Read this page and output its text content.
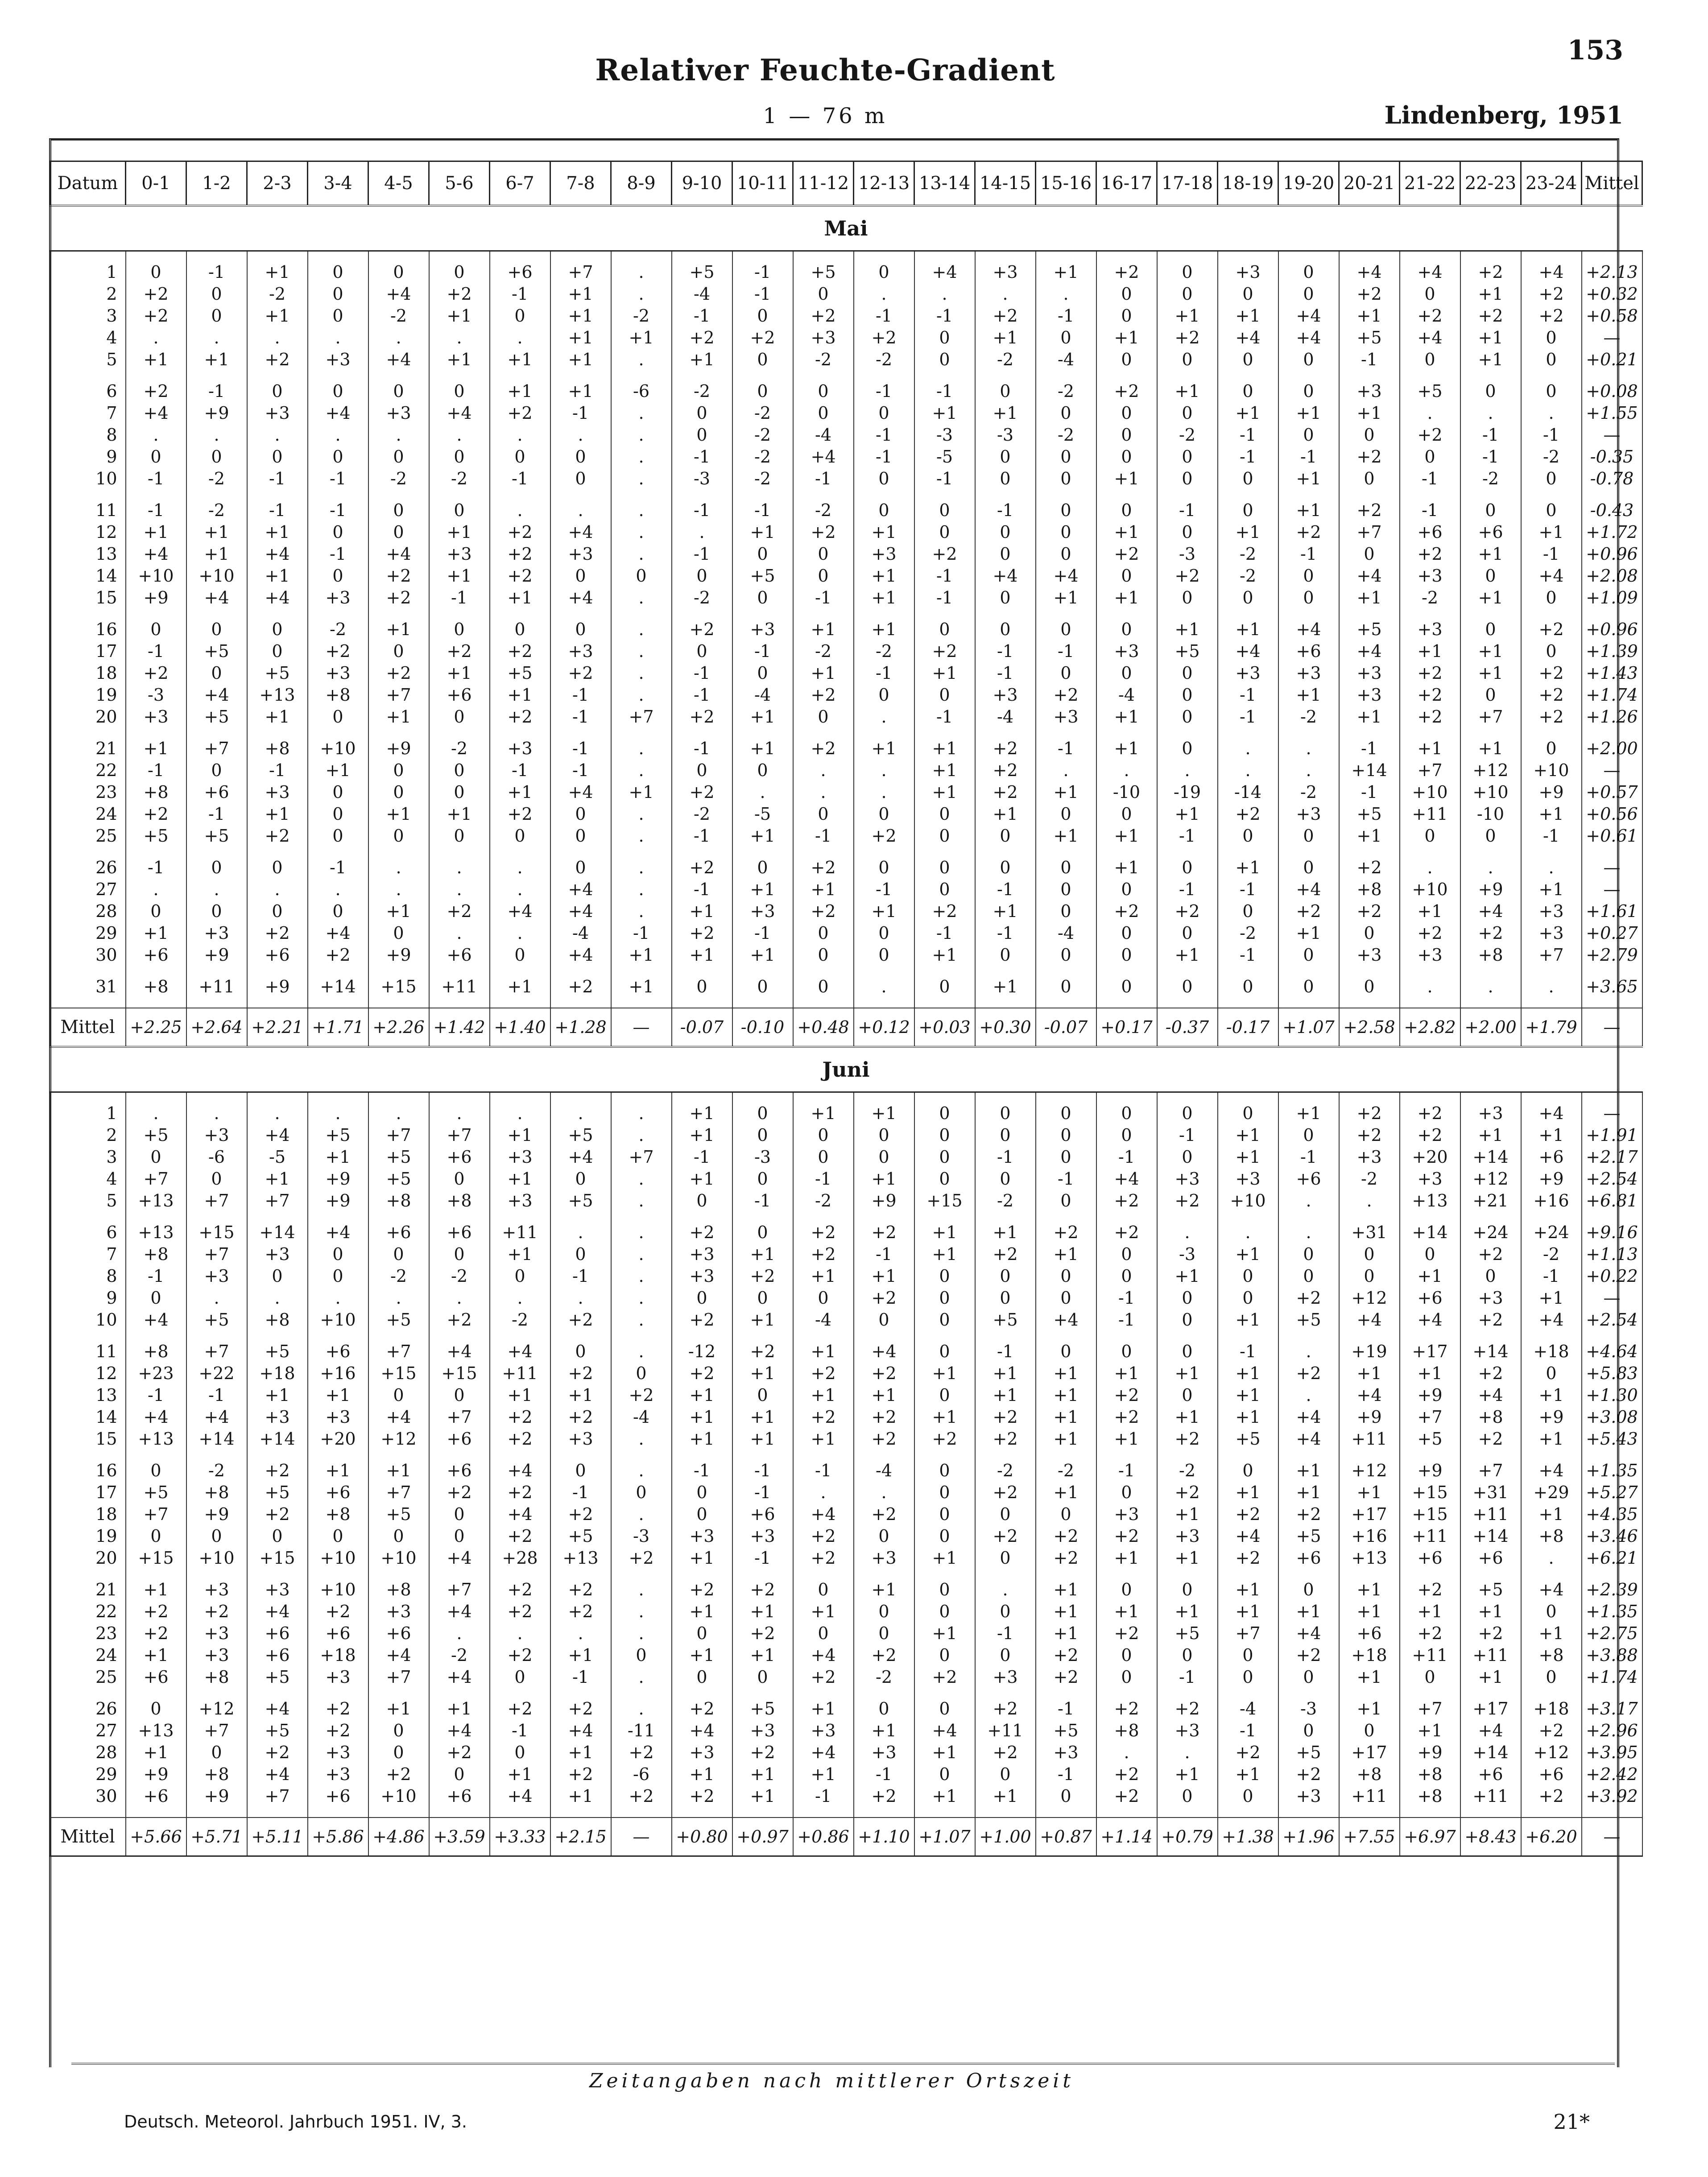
153
Relativer Feuchte-Gradient
1 — 76 m	Lindenberg, 1951
Datum	0-1	1-2	2-3	3-4	4-5	5-6	6-7	7-8	8-9	9-10	10-11	11-12	12-13	13-14	14-15	15-16	16-17	17-18	18-19	19-20	20-21	21-22	22-23	23-24	Mittel
Mai																									

1	0	-1	+1	0	0	0	+6	+7	.	+5	-1	+5	0	+4	+3	+1	+2	0	+3	0	+4	+4	+2	+4	+2.13
2	+2	0	-2	0	+4	+2	-1	+1	.	-4	-1	0	.	.	.	.	0	0	0	0	+2	0	+1	+2	+0.32
3	+2	0	+1	0	-2	+1	0	+1	-2	-1	0	+2	-1	-1	+2	-1	0	+1	+1	+4	+1	+2	+2	+2	+0.58
4	.	.	.	.	.	.	.	+1	+1	+2	+2	+3	+2	0	+1	0	+1	+2	+4	+4	+5	+4	+1	0	—
5	+1	+1	+2	+3	+4	+1	+1	+1	.	+1	0	-2	-2	0	-2	-4	0	0	0	0	-1	0	+1	0	+0.21

6	+2	-1	0	0	0	0	+1	+1	-6	-2	0	0	-1	-1	0	-2	+2	+1	0	0	+3	+5	0	0	+0.08
7	+4	+9	+3	+4	+3	+4	+2	-1	.	0	-2	0	0	+1	+1	0	0	0	+1	+1	+1	.	.	.	+1.55
8	.	.	.	.	.	.	.	.	.	0	-2	-4	-1	-3	-3	-2	0	-2	-1	0	0	+2	-1	-1	—
9	0	0	0	0	0	0	0	0	.	-1	-2	+4	-1	-5	0	0	0	0	-1	-1	+2	0	-1	-2	-0.35
10	-1	-2	-1	-1	-2	-2	-1	0	.	-3	-2	-1	0	-1	0	0	+1	0	0	+1	0	-1	-2	0	-0.78

11	-1	-2	-1	-1	0	0	.	.	.	-1	-1	-2	0	0	-1	0	0	-1	0	+1	+2	-1	0	0	-0.43
12	+1	+1	+1	0	0	+1	+2	+4	.	.	+1	+2	+1	0	0	0	+1	0	+1	+2	+7	+6	+6	+1	+1.72
13	+4	+1	+4	-1	+4	+3	+2	+3	.	-1	0	0	+3	+2	0	0	+2	-3	-2	-1	0	+2	+1	-1	+0.96
14	+10	+10	+1	0	+2	+1	+2	0	0	0	+5	0	+1	-1	+4	+4	0	+2	-2	0	+4	+3	0	+4	+2.08
15	+9	+4	+4	+3	+2	-1	+1	+4	.	-2	0	-1	+1	-1	0	+1	+1	0	0	0	+1	-2	+1	0	+1.09

16	0	0	0	-2	+1	0	0	0	.	+2	+3	+1	+1	0	0	0	0	+1	+1	+4	+5	+3	0	+2	+0.96
17	-1	+5	0	+2	0	+2	+2	+3	.	0	-1	-2	-2	+2	-1	-1	+3	+5	+4	+6	+4	+1	+1	0	+1.39
18	+2	0	+5	+3	+2	+1	+5	+2	.	-1	0	+1	-1	+1	-1	0	0	0	+3	+3	+3	+2	+1	+2	+1.43
19	-3	+4	+13	+8	+7	+6	+1	-1	.	-1	-4	+2	0	0	+3	+2	-4	0	-1	+1	+3	+2	0	+2	+1.74
20	+3	+5	+1	0	+1	0	+2	-1	+7	+2	+1	0	.	-1	-4	+3	+1	0	-1	-2	+1	+2	+7	+2	+1.26

21	+1	+7	+8	+10	+9	-2	+3	-1	.	-1	+1	+2	+1	+1	+2	-1	+1	0	.	.	-1	+1	+1	0	+2.00
22	-1	0	-1	+1	0	0	-1	-1	.	0	0	.	.	+1	+2	.	.	.	.	.	+14	+7	+12	+10	—
23	+8	+6	+3	0	0	0	+1	+4	+1	+2	.	.	.	+1	+2	+1	-10	-19	-14	-2	-1	+10	+10	+9	+0.57
24	+2	-1	+1	0	+1	+1	+2	0	.	-2	-5	0	0	0	+1	0	0	+1	+2	+3	+5	+11	-10	+1	+0.56
25	+5	+5	+2	0	0	0	0	0	.	-1	+1	-1	+2	0	0	+1	+1	-1	0	0	+1	0	0	-1	+0.61

26	-1	0	0	-1	.	.	.	0	.	+2	0	+2	0	0	0	0	+1	0	+1	0	+2	.	.	.	—
27	.	.	.	.	.	.	.	+4	.	-1	+1	+1	-1	0	-1	0	0	-1	-1	+4	+8	+10	+9	+1	—
28	0	0	0	0	+1	+2	+4	+4	.	+1	+3	+2	+1	+2	+1	0	+2	+2	0	+2	+2	+1	+4	+3	+1.61
29	+1	+3	+2	+4	0	.	.	-4	-1	+2	-1	0	0	-1	-1	-4	0	0	-2	+1	0	+2	+2	+3	+0.27
30	+6	+9	+6	+2	+9	+6	0	+4	+1	+1	+1	0	0	+1	0	0	0	+1	-1	0	+3	+3	+8	+7	+2.79

31	+8	+11	+9	+14	+15	+11	+1	+2	+1	0	0	0	.	0	+1	0	0	0	0	0	0	.	.	.	+3.65

Mittel	+2.25	+2.64	+2.21	+1.71	+2.26	+1.42	+1.40	+1.28	—	-0.07	-0.10	+0.48	+0.12	+0.03	+0.30	-0.07	+0.17	-0.37	-0.17	+1.07	+2.58	+2.82	+2.00	+1.79	—
Juni																									

1	.	.	.	.	.	.	.	.	.	+1	0	+1	+1	0	0	0	0	0	0	+1	+2	+2	+3	+4	—
2	+5	+3	+4	+5	+7	+7	+1	+5	.	+1	0	0	0	0	0	0	0	-1	+1	0	+2	+2	+1	+1	+1.91
3	0	-6	-5	+1	+5	+6	+3	+4	+7	-1	-3	0	0	0	-1	0	-1	0	+1	-1	+3	+20	+14	+6	+2.17
4	+7	0	+1	+9	+5	0	+1	0	.	+1	0	-1	+1	0	0	-1	+4	+3	+3	+6	-2	+3	+12	+9	+2.54
5	+13	+7	+7	+9	+8	+8	+3	+5	.	0	-1	-2	+9	+15	-2	0	+2	+2	+10	.	.	+13	+21	+16	+6.81

6	+13	+15	+14	+4	+6	+6	+11	.	.	+2	0	+2	+2	+1	+1	+2	+2	.	.	.	+31	+14	+24	+24	+9.16
7	+8	+7	+3	0	0	0	+1	0	.	+3	+1	+2	-1	+1	+2	+1	0	-3	+1	0	0	0	+2	-2	+1.13
8	-1	+3	0	0	-2	-2	0	-1	.	+3	+2	+1	+1	0	0	0	0	+1	0	0	0	+1	0	-1	+0.22
9	0	.	.	.	.	.	.	.	.	0	0	0	+2	0	0	0	-1	0	0	+2	+12	+6	+3	+1	—
10	+4	+5	+8	+10	+5	+2	-2	+2	.	+2	+1	-4	0	0	+5	+4	-1	0	+1	+5	+4	+4	+2	+4	+2.54

11	+8	+7	+5	+6	+7	+4	+4	0	.	-12	+2	+1	+4	0	-1	0	0	0	-1	.	+19	+17	+14	+18	+4.64
12	+23	+22	+18	+16	+15	+15	+11	+2	0	+2	+1	+2	+2	+1	+1	+1	+1	+1	+1	+2	+1	+1	+2	0	+5.83
13	-1	-1	+1	+1	0	0	+1	+1	+2	+1	0	+1	+1	0	+1	+1	+2	0	+1	.	+4	+9	+4	+1	+1.30
14	+4	+4	+3	+3	+4	+7	+2	+2	-4	+1	+1	+2	+2	+1	+2	+1	+2	+1	+1	+4	+9	+7	+8	+9	+3.08
15	+13	+14	+14	+20	+12	+6	+2	+3	.	+1	+1	+1	+2	+2	+2	+1	+1	+2	+5	+4	+11	+5	+2	+1	+5.43

16	0	-2	+2	+1	+1	+6	+4	0	.	-1	-1	-1	-4	0	-2	-2	-1	-2	0	+1	+12	+9	+7	+4	+1.35
17	+5	+8	+5	+6	+7	+2	+2	-1	0	0	-1	.	.	0	+2	+1	0	+2	+1	+1	+1	+15	+31	+29	+5.27
18	+7	+9	+2	+8	+5	0	+4	+2	.	0	+6	+4	+2	0	0	0	+3	+1	+2	+2	+17	+15	+11	+1	+4.35
19	0	0	0	0	0	0	+2	+5	-3	+3	+3	+2	0	0	+2	+2	+2	+3	+4	+5	+16	+11	+14	+8	+3.46
20	+15	+10	+15	+10	+10	+4	+28	+13	+2	+1	-1	+2	+3	+1	0	+2	+1	+1	+2	+6	+13	+6	+6	.	+6.21

21	+1	+3	+3	+10	+8	+7	+2	+2	.	+2	+2	0	+1	0	.	+1	0	0	+1	0	+1	+2	+5	+4	+2.39
22	+2	+2	+4	+2	+3	+4	+2	+2	.	+1	+1	+1	0	0	0	+1	+1	+1	+1	+1	+1	+1	+1	0	+1.35
23	+2	+3	+6	+6	+6	.	.	.	.	0	+2	0	0	+1	-1	+1	+2	+5	+7	+4	+6	+2	+2	+1	+2.75
24	+1	+3	+6	+18	+4	-2	+2	+1	0	+1	+1	+4	+2	0	0	+2	0	0	0	+2	+18	+11	+11	+8	+3.88
25	+6	+8	+5	+3	+7	+4	0	-1	.	0	0	+2	-2	+2	+3	+2	0	-1	0	0	+1	0	+1	0	+1.74

26	0	+12	+4	+2	+1	+1	+2	+2	.	+2	+5	+1	0	0	+2	-1	+2	+2	-4	-3	+1	+7	+17	+18	+3.17
27	+13	+7	+5	+2	0	+4	-1	+4	-11	+4	+3	+3	+1	+4	+11	+5	+8	+3	-1	0	0	+1	+4	+2	+2.96
28	+1	0	+2	+3	0	+2	0	+1	+2	+3	+2	+4	+3	+1	+2	+3	.	.	+2	+5	+17	+9	+14	+12	+3.95
29	+9	+8	+4	+3	+2	0	+1	+2	-6	+1	+1	+1	-1	0	0	-1	+2	+1	+1	+2	+8	+8	+6	+6	+2.42
30	+6	+9	+7	+6	+10	+6	+4	+1	+2	+2	+1	-1	+2	+1	+1	0	+2	0	0	+3	+11	+8	+11	+2	+3.92

Mittel	+5.66	+5.71	+5.11	+5.86	+4.86	+3.59	+3.33	+2.15	—	+0.80	+0.97	+0.86	+1.10	+1.07	+1.00	+0.87	+1.14	+0.79	+1.38	+1.96	+7.55	+6.97	+8.43	+6.20	—
Zeitangaben nach mittlerer Ortszeit
Deutsch. Meteorol. Jahrbuch 1951. IV, 3.	21*
